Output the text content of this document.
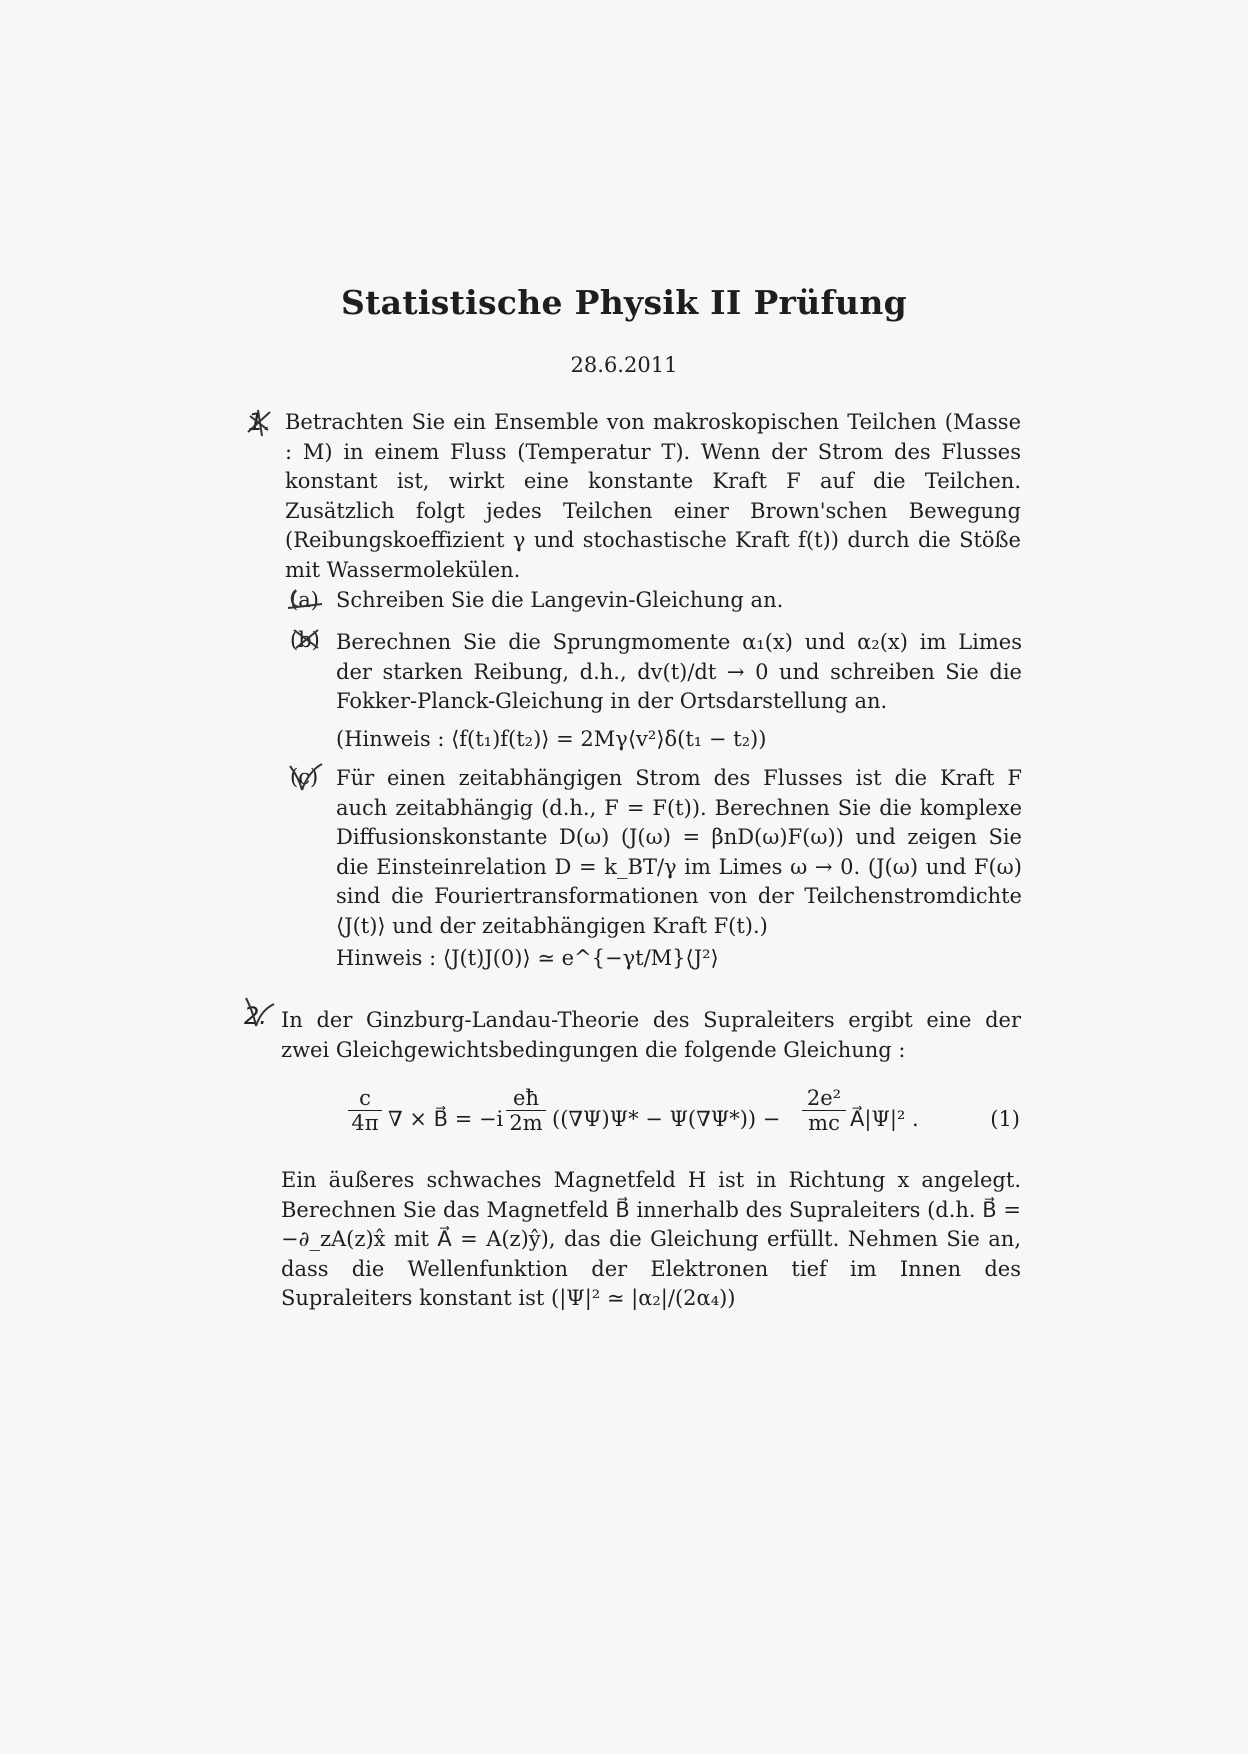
Statistische Physik II Prüfung
28.6.2011
1. Betrachten Sie ein Ensemble von makroskopischen Teilchen (Masse : M) in einem Fluss (Temperatur T). Wenn der Strom des Flusses konstant ist, wirkt eine konstante Kraft F auf die Teilchen. Zusätzlich folgt jedes Teilchen einer Brown'schen Bewegung (Reibungskoeffizient γ und stochastische Kraft f(t)) durch die Stöße mit Wassermolekülen.
(a) Schreiben Sie die Langevin-Gleichung an.
(b) Berechnen Sie die Sprungmomente α₁(x) und α₂(x) im Limes der starken Reibung, d.h., dv(t)/dt → 0 und schreiben Sie die Fokker-Planck-Gleichung in der Ortsdarstellung an.
(Hinweis : ⟨f(t₁)f(t₂)⟩ = 2Mγ⟨v²⟩δ(t₁ − t₂))
(c) Für einen zeitabhängigen Strom des Flusses ist die Kraft F auch zeitabhängig (d.h., F = F(t)). Berechnen Sie die komplexe Diffusionskonstante D(ω) (J(ω) = βnD(ω)F(ω)) und zeigen Sie die Einsteinrelation D = k_BT/γ im Limes ω → 0. (J(ω) und F(ω) sind die Fouriertransformationen von der Teilchenstromdichte ⟨J(t)⟩ und der zeitabhängigen Kraft F(t).)
Hinweis : ⟨J(t)J(0)⟩ ≃ e^{−γt/M}⟨J²⟩
2. In der Ginzburg-Landau-Theorie des Supraleiters ergibt eine der zwei Gleichgewichtsbedingungen die folgende Gleichung :
$\frac{c}{4\pi}$ ∇ × B⃗ = $-i \frac{eħ}{2m} ((\nabla\Psi)\Psi* - \Psi(\nabla\Psi*)) - \frac{\text{2e²}}{mc}$ A⃗|Ψ|² .	(1)
Ein äußeres schwaches Magnetfeld H ist in Richtung x angelegt. Berechnen Sie das Magnetfeld B⃗ innerhalb des Supraleiters (d.h. B⃗ = −∂_zA(z)x̂ mit A⃗ = A(z)ŷ), das die Gleichung erfüllt. Nehmen Sie an, dass die Wellenfunktion der Elektronen tief im Innen des Supraleiters konstant ist (|Ψ|² ≃ |α₂|/(2α₄))
